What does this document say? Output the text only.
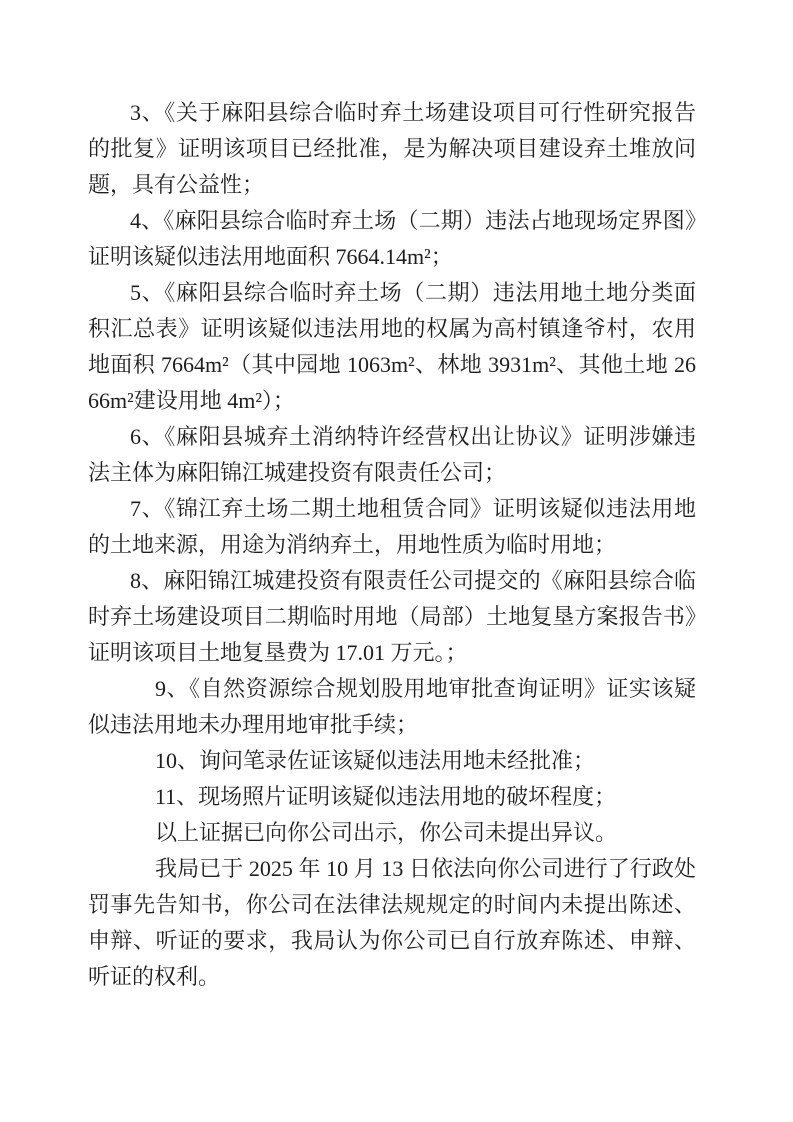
3、《关于麻阳县综合临时弃土场建设项目可行性研究报告的批复》证明该项目已经批准，是为解决项目建设弃土堆放问题，具有公益性；

4、《麻阳县综合临时弃土场（二期）违法占地现场定界图》证明该疑似违法用地面积 7664.14m²；

5、《麻阳县综合临时弃土场（二期）违法用地土地分类面积汇总表》证明该疑似违法用地的权属为高村镇逢爷村，农用地面积 7664m²（其中园地 1063m²、林地 3931m²、其他土地 2666m²建设用地 4m²）；

6、《麻阳县城弃土消纳特许经营权出让协议》证明涉嫌违法主体为麻阳锦江城建投资有限责任公司；

7、《锦江弃土场二期土地租赁合同》证明该疑似违法用地的土地来源，用途为消纳弃土，用地性质为临时用地；

8、麻阳锦江城建投资有限责任公司提交的《麻阳县综合临时弃土场建设项目二期临时用地（局部）土地复垦方案报告书》证明该项目土地复垦费为 17.01 万元。；

9、《自然资源综合规划股用地审批查询证明》证实该疑似违法用地未办理用地审批手续；

10、询问笔录佐证该疑似违法用地未经批准；

11、现场照片证明该疑似违法用地的破坏程度；

以上证据已向你公司出示，你公司未提出异议。

我局已于 2025 年 10 月 13 日依法向你公司进行了行政处罚事先告知书，你公司在法律法规规定的时间内未提出陈述、申辩、听证的要求，我局认为你公司已自行放弃陈述、申辩、听证的权利。
